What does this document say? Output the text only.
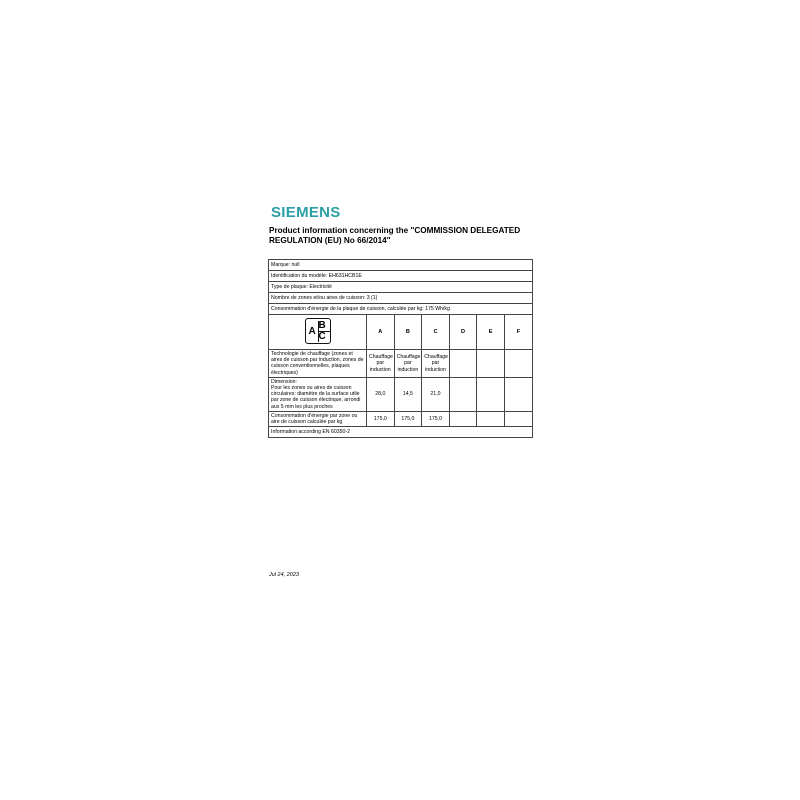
SIEMENS
Product information concerning the "COMMISSION DELEGATED REGULATION (EU) No 66/2014"
Marque: null						
Identification du modèle: EH631HCB1E						
Type de plaque: Electricité						
Nombre de zones et/ou aires de cuisson: 3 (1)						
Consommation d'énergie de la plaque de cuisson, calculée par kg: 175 Wh/kg						

A
B
C	A	B	C	D	E	F
Technologie de chauffage (zones et aires de cuisson par induction, zones de cuisson conventionnelles, plaques électriques)	Chauffage par induction	Chauffage par induction	Chauffage par induction			

Dimension:
Pour les zones ou aires de cuisson circulaires: diamètre de la surface utile par zone de cuisson électrique, arrondi aux 5 mm les plus proches	28,0	14,5	21,0			
Consommation d'énergie par zone ou aire de cuisson calculée par kg	175,0	175,0	175,0			
Information according EN 60350-2						
Jul 24, 2023
